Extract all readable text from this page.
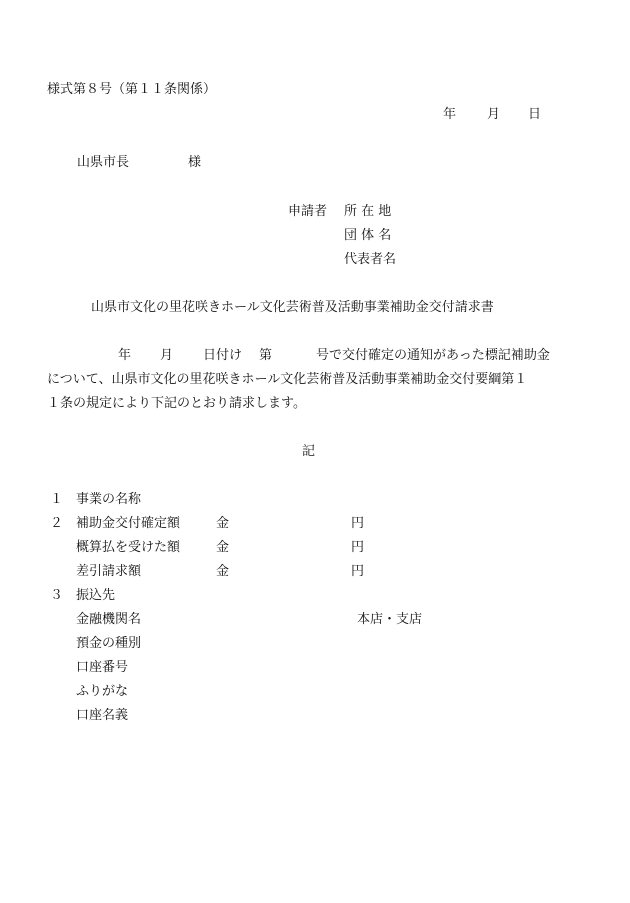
様式第８号（第１１条関係）
年 月 日
山県市長	様
申請者 所 在 地
団 体 名
代表者名
山県市文化の里花咲きホール文化芸術普及活動事業補助金交付請求書
年 月 日付け 第	号で交付確定の通知があった標記補助金
について、山県市文化の里花咲きホール文化芸術普及活動事業補助金交付要綱第１
１条の規定により下記のとおり請求します。
記
１ 事業の名称
２ 補助金交付確定額	金	円
概算払を受けた額	金	円
差引請求額	金	円
３ 振込先
金融機関名	本店・支店
預金の種別
口座番号
ふりがな
口座名義
